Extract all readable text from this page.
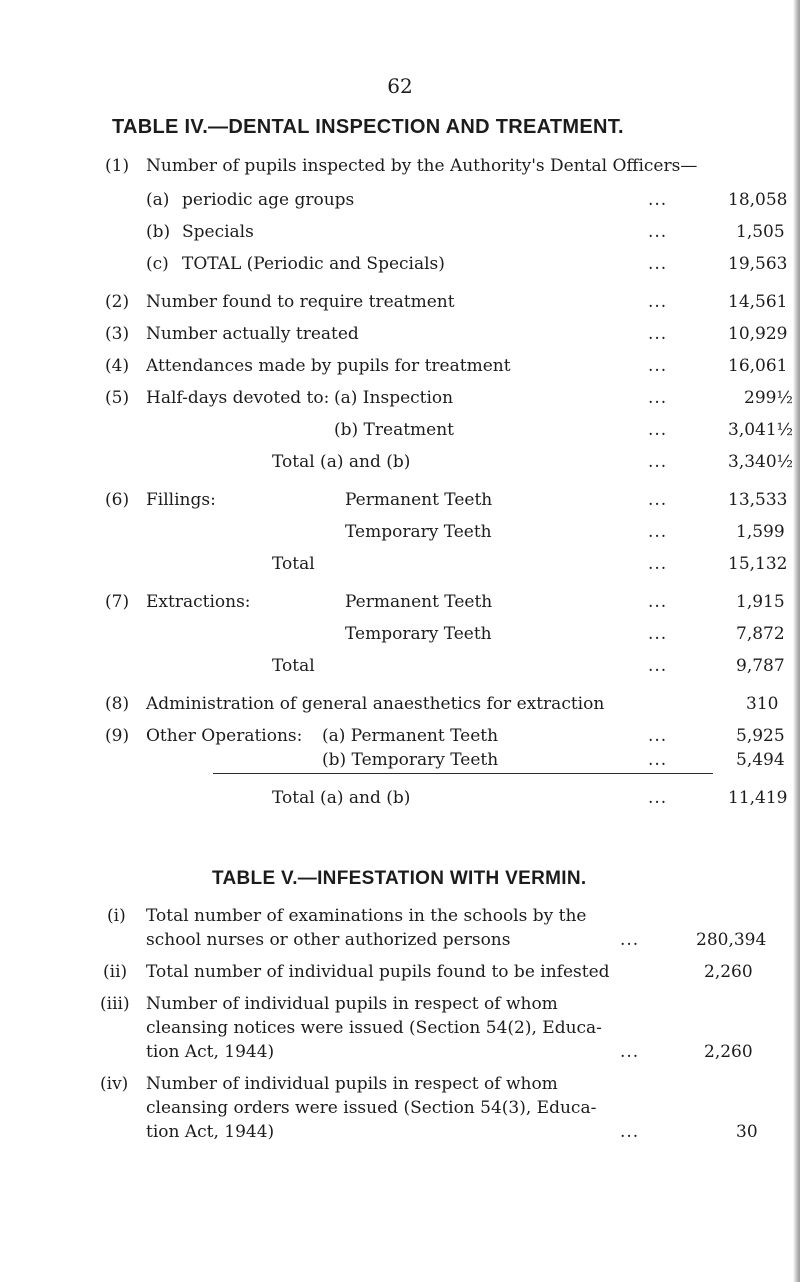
62
TABLE IV.—DENTAL INSPECTION AND TREATMENT.
(1) Number of pupils inspected by the Authority's Dental Officers—
(a) periodic age groups	...	18,058
(b) Specials	...	1,505
(c) TOTAL (Periodic and Specials)	...	19,563
(2) Number found to require treatment	...	14,561
(3) Number actually treated	...	10,929
(4) Attendances made by pupils for treatment	...	16,061
(5) Half-days devoted to: (a) Inspection	...	299½
(b) Treatment	...	3,041½
Total (a) and (b)	...	3,340½
(6) Fillings:	Permanent Teeth	...	13,533
Temporary Teeth	...	1,599
Total	...	15,132
(7) Extractions:	Permanent Teeth	...	1,915
Temporary Teeth	...	7,872
Total	...	9,787
(8) Administration of general anaesthetics for extraction	310
(9) Other Operations: (a) Permanent Teeth	...	5,925
(b) Temporary Teeth	...	5,494
Total (a) and (b)	...	11,419
TABLE V.—INFESTATION WITH VERMIN.
(i) Total number of examinations in the schools by the
school nurses or other authorized persons	...	280,394
(ii) Total number of individual pupils found to be infested	2,260
(iii) Number of individual pupils in respect of whom
cleansing notices were issued (Section 54(2), Educa-
tion Act, 1944)	...	2,260
(iv) Number of individual pupils in respect of whom
cleansing orders were issued (Section 54(3), Educa-
tion Act, 1944)	...	30
